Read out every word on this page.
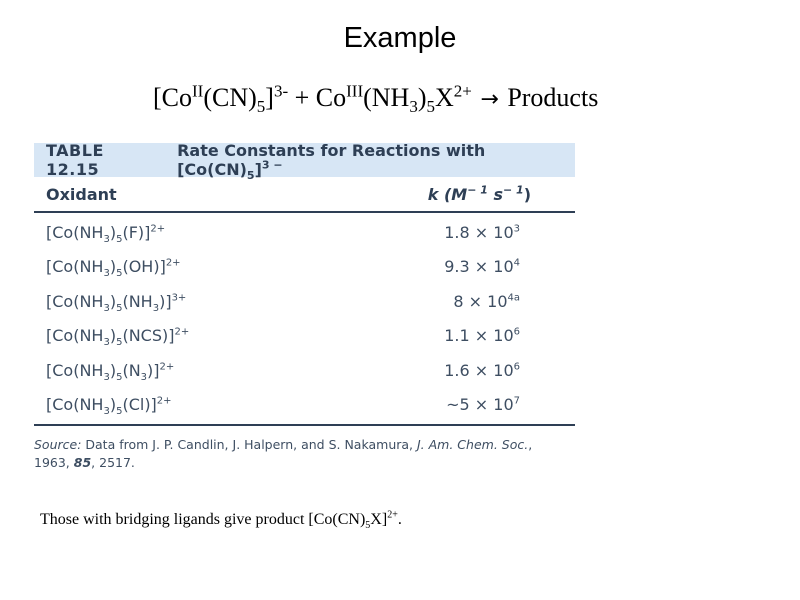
Example
$[Co^{II}(CN)_5]^{3-} + Co^{III}(NH_3)_5X^{2+}$ → Products
TABLE 12.15
Rate Constants for Reactions with $[Co(CN)_5]^{3 -}$
Oxidant	k ($M^{- 1}$ $s^{- 1}$)
$[Co(NH_3)_5(F)]^{2+}$	$1.8 \times 10^3$
$[Co(NH_3)_5(OH)]^{2+}$	$9.3 \times 10^4$
$[Co(NH_3)_5(NH_3)]^{3+}$	$8 \times 10^{4a}$
$[Co(NH_3)_5(NCS)]^{2+}$	$1.1 \times 10^6$
$[Co(NH_3)_5(N_3)]^{2+}$	$1.6 \times 10^6$
$[Co(NH_3)_5(Cl)]^{2+}$	~5 × $10^7$
Source: Data from J. P. Candlin, J. Halpern, and S. Nakamura, J. Am. Chem. Soc., 1963, 85, 2517.
Those with bridging ligands give product $[Co(CN)_5X]^{2+}$.
